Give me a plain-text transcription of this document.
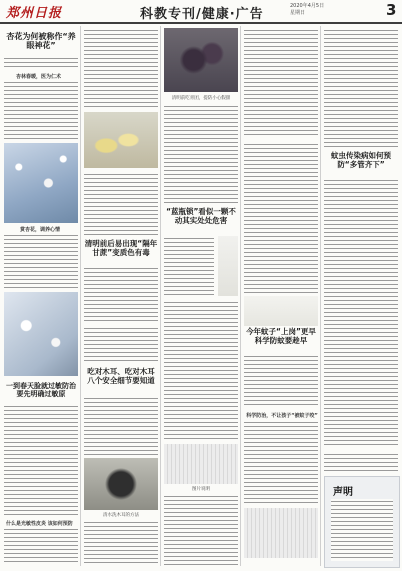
郑州日报	科教专刊/健康·广告
2020年4月5日
星期日	3
杏花为何被称作“养眼神花”
杏林春暖，医为仁术
赏杏花，调养心情
一到春天脸就过敏防治要先明确过敏原
什么是光敏性皮炎 该如何预防
清明前后易出现“隔年甘蔗”变质色有毒
吃对木耳、吃对木耳八个安全细节要知道
清水洗木耳的方法
清明前吃青团，提防小心假甜
“蓝瓶锁”看似一颗不动其实处处危害
图片说明
今年蚊子“上岗”更早科学防蚊要趁早
科学防治，不让孩子“被蚊子咬”
蚊虫传染病如何预防“多管齐下”
声明
